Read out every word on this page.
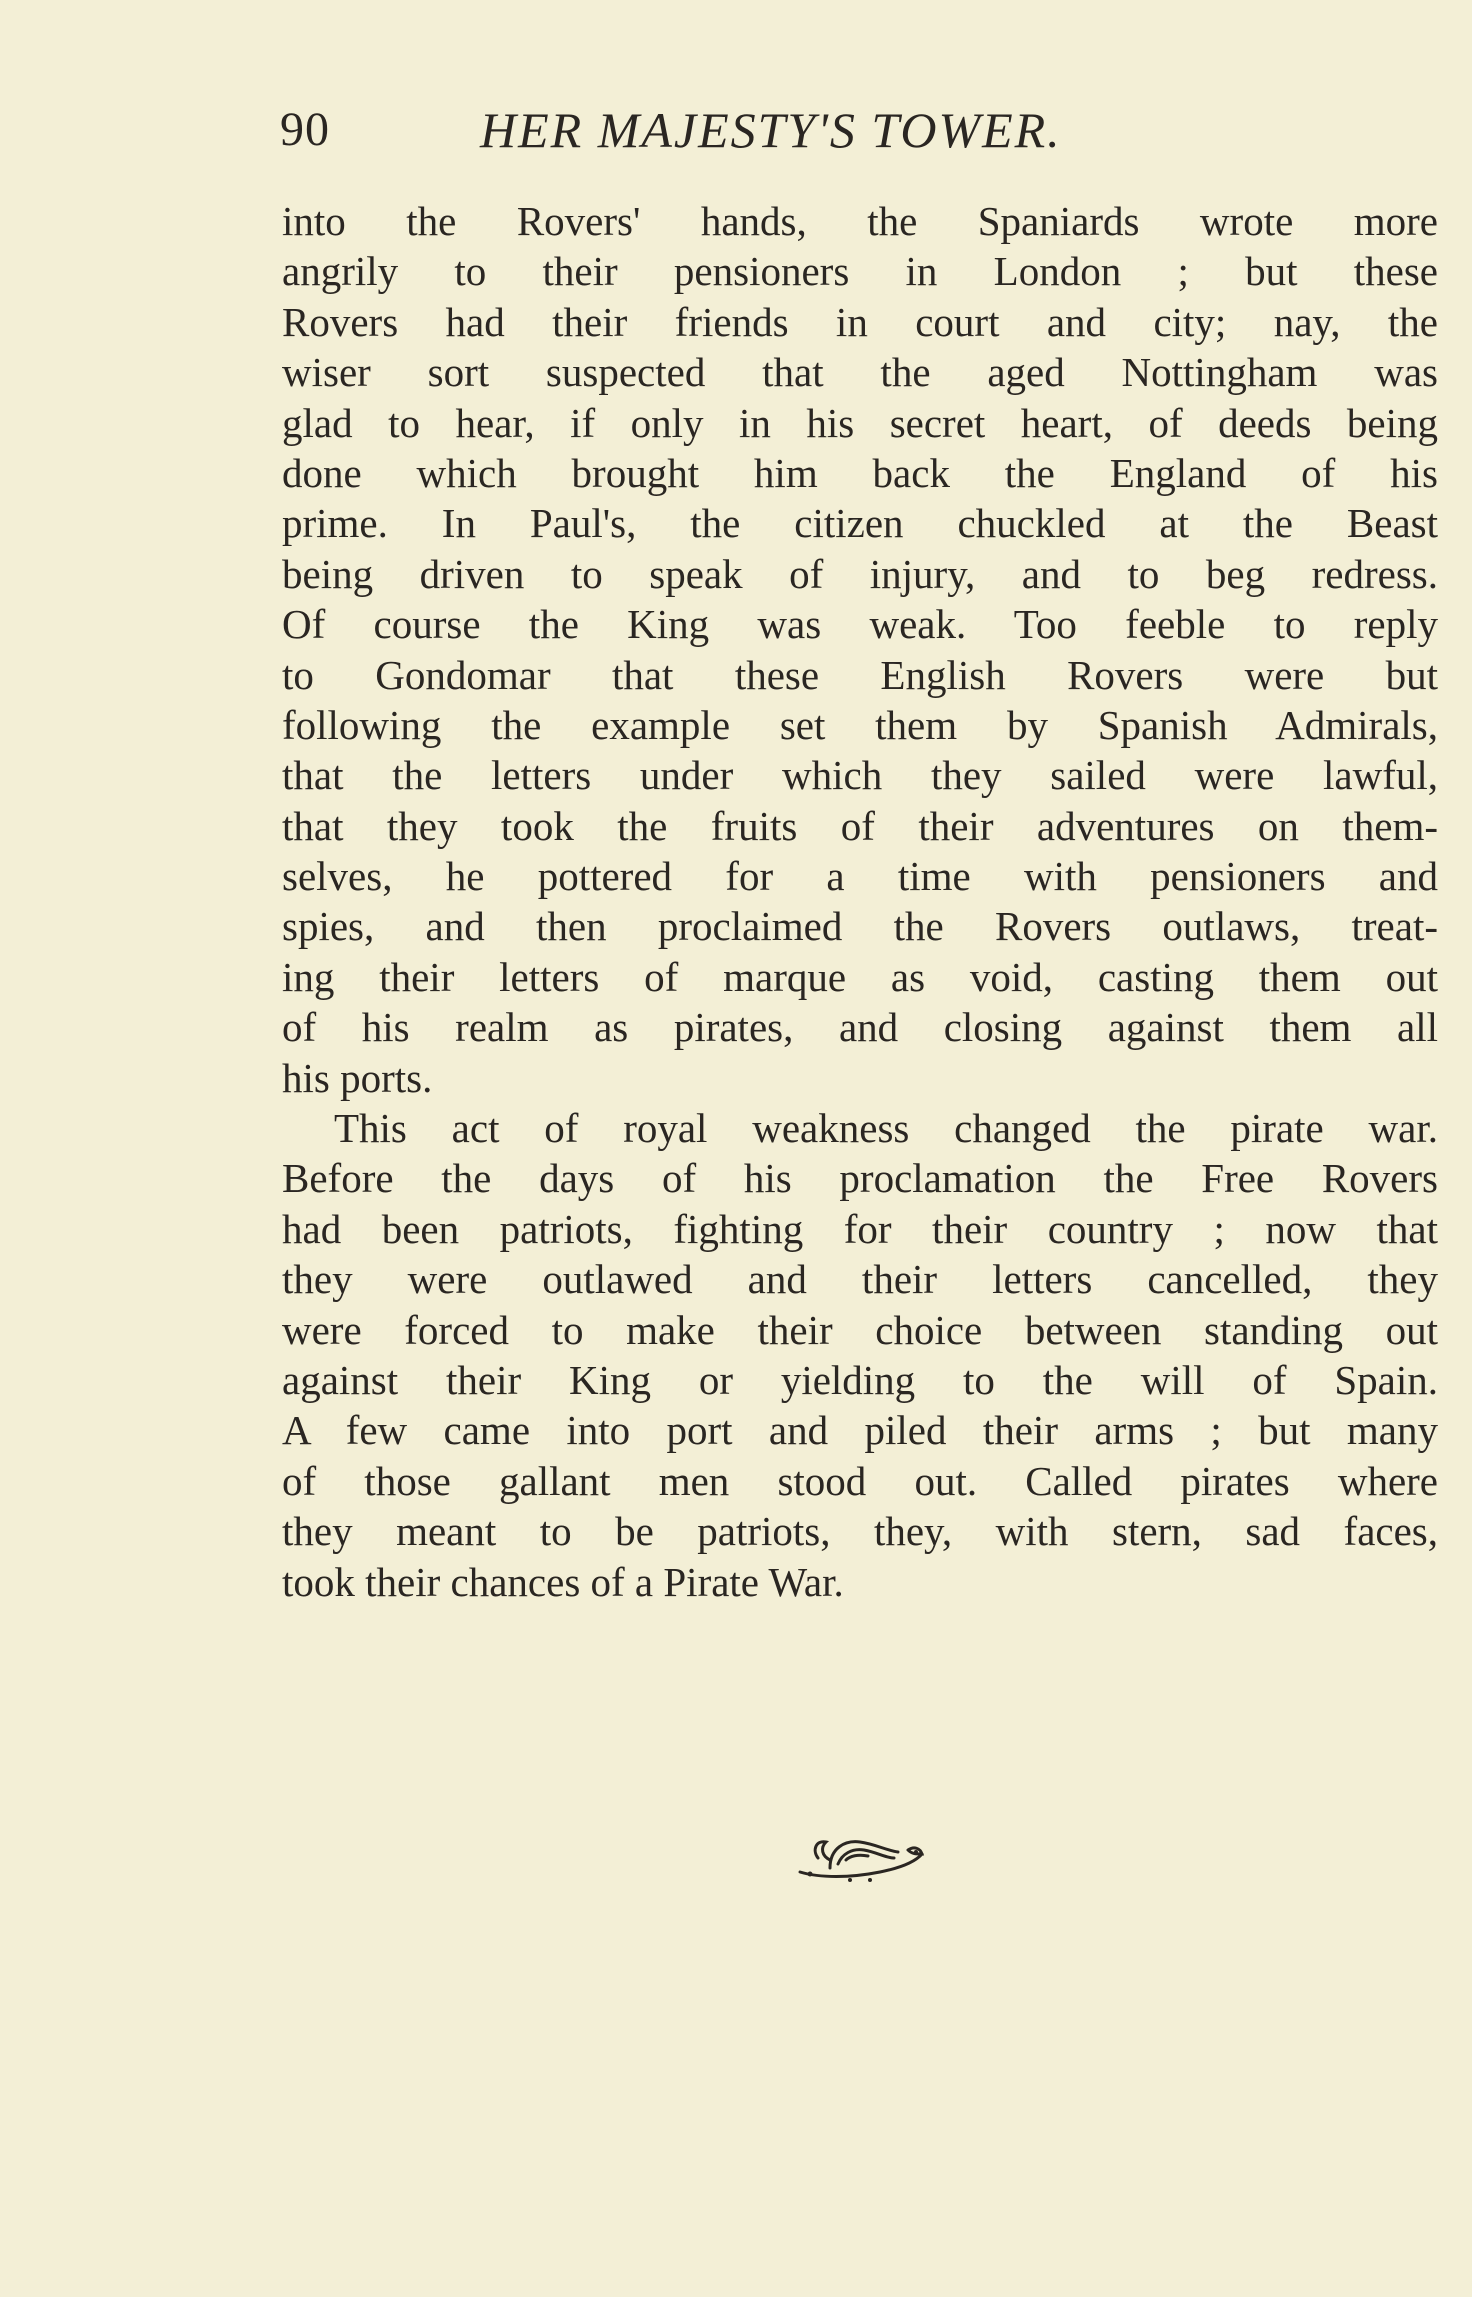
90	HER MAJESTY'S TOWER.
into the Rovers' hands, the Spaniards wrote more
angrily to their pensioners in London ; but these
Rovers had their friends in court and city; nay, the
wiser sort suspected that the aged Nottingham was
glad to hear, if only in his secret heart, of deeds being
done which brought him back the England of his
prime. In Paul's, the citizen chuckled at the Beast
being driven to speak of injury, and to beg redress.
Of course the King was weak. Too feeble to reply
to Gondomar that these English Rovers were but
following the example set them by Spanish Admirals,
that the letters under which they sailed were lawful,
that they took the fruits of their adventures on them-
selves, he pottered for a time with pensioners and
spies, and then proclaimed the Rovers outlaws, treat-
ing their letters of marque as void, casting them out
of his realm as pirates, and closing against them all
his ports.
This act of royal weakness changed the pirate war.
Before the days of his proclamation the Free Rovers
had been patriots, fighting for their country ; now that
they were outlawed and their letters cancelled, they
were forced to make their choice between standing out
against their King or yielding to the will of Spain.
A few came into port and piled their arms ; but many
of those gallant men stood out. Called pirates where
they meant to be patriots, they, with stern, sad faces,
took their chances of a Pirate War.
